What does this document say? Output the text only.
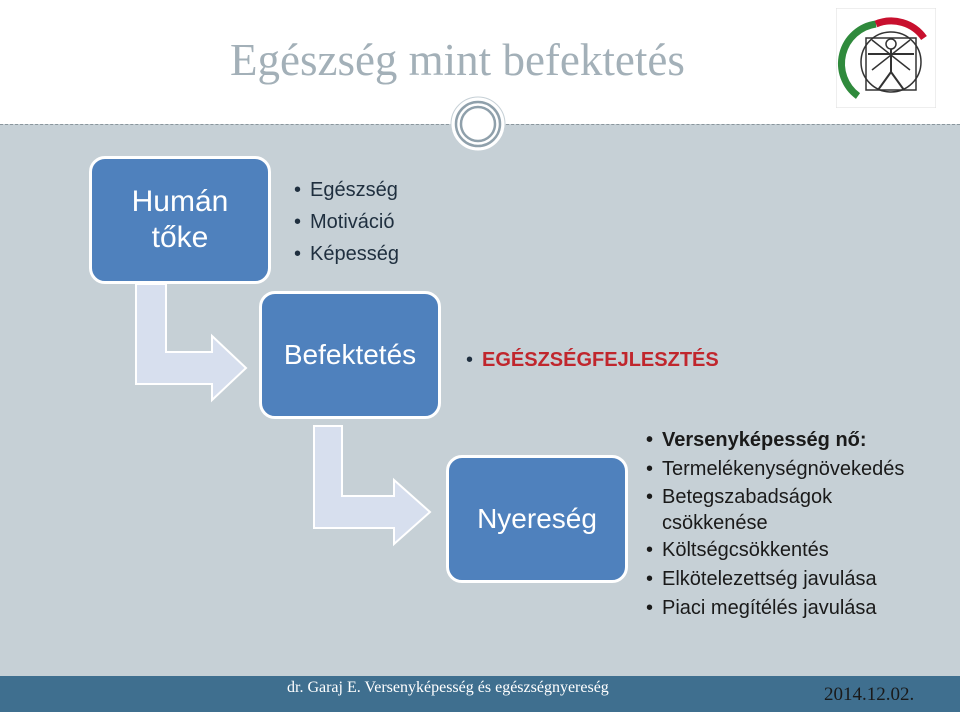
Egészség mint befektetés
Humán
tőke
Befektetés
Nyereség
• Egészség
• Motiváció
• Képesség
• EGÉSZSÉGFEJLESZTÉS
• Versenyképesség nő:
• Termelékenységnövekedés
• Betegszabadságok csökkenése
• Költségcsökkentés
• Elkötelezettség javulása
• Piaci megítélés javulása
dr. Garaj E. Versenyképesség és egészségnyereség	2014.12.02.
